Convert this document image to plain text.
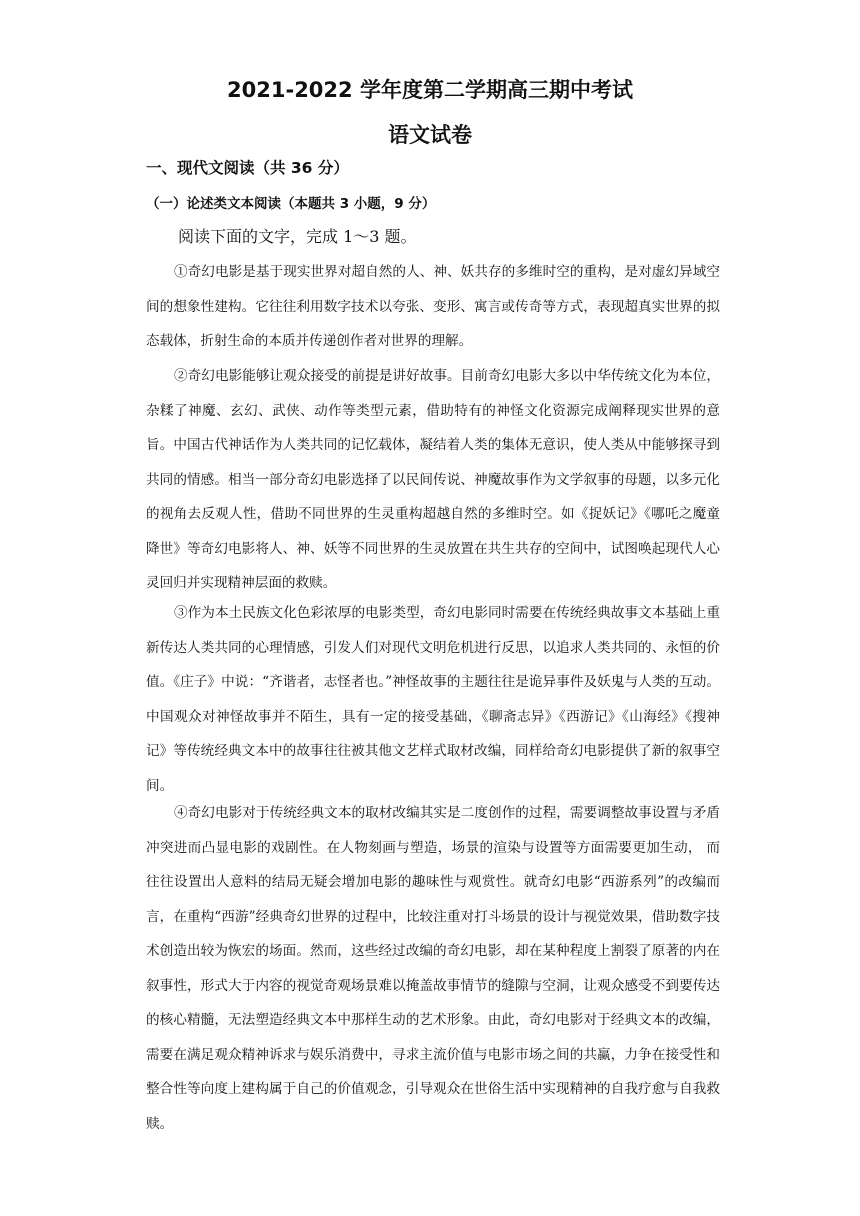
2021-2022 学年度第二学期高三期中考试
语文试卷
一、现代文阅读（共 36 分）
（一）论述类文本阅读（本题共 3 小题，9 分）
阅读下面的文字，完成 1～3 题。

①奇幻电影是基于现实世界对超自然的人、神、妖共存的多维时空的重构，是对虚幻异域空间的想象性建构。它往往利用数字技术以夸张、变形、寓言或传奇等方式，表现超真实世界的拟态载体，折射生命的本质并传递创作者对世界的理解。

②奇幻电影能够让观众接受的前提是讲好故事。目前奇幻电影大多以中华传统文化为本位，杂糅了神魔、玄幻、武侠、动作等类型元素，借助特有的神怪文化资源完成阐释现实世界的意旨。中国古代神话作为人类共同的记忆载体，凝结着人类的集体无意识，使人类从中能够探寻到共同的情感。相当一部分奇幻电影选择了以民间传说、神魔故事作为文学叙事的母题，以多元化的视角去反观人性，借助不同世界的生灵重构超越自然的多维时空。如《捉妖记》《哪吒之魔童降世》等奇幻电影将人、神、妖等不同世界的生灵放置在共生共存的空间中，试图唤起现代人心灵回归并实现精神层面的救赎。

③作为本土民族文化色彩浓厚的电影类型，奇幻电影同时需要在传统经典故事文本基础上重新传达人类共同的心理情感，引发人们对现代文明危机进行反思，以追求人类共同的、永恒的价值。《庄子》中说：“齐谐者，志怪者也。”神怪故事的主题往往是诡异事件及妖鬼与人类的互动。中国观众对神怪故事并不陌生，具有一定的接受基础，《聊斋志异》《西游记》《山海经》《搜神记》等传统经典文本中的故事往往被其他文艺样式取材改编，同样给奇幻电影提供了新的叙事空间。

④奇幻电影对于传统经典文本的取材改编其实是二度创作的过程，需要调整故事设置与矛盾冲突进而凸显电影的戏剧性。在人物刻画与塑造，场景的渲染与设置等方面需要更加生动， 而往往设置出人意料的结局无疑会增加电影的趣味性与观赏性。就奇幻电影“西游系列”的改编而言，在重构“西游”经典奇幻世界的过程中，比较注重对打斗场景的设计与视觉效果，借助数字技术创造出较为恢宏的场面。然而，这些经过改编的奇幻电影，却在某种程度上割裂了原著的内在叙事性，形式大于内容的视觉奇观场景难以掩盖故事情节的缝隙与空洞，让观众感受不到要传达的核心精髓，无法塑造经典文本中那样生动的艺术形象。由此，奇幻电影对于经典文本的改编，需要在满足观众精神诉求与娱乐消费中，寻求主流价值与电影市场之间的共赢，力争在接受性和整合性等向度上建构属于自己的价值观念，引导观众在世俗生活中实现精神的自我疗愈与自我救赎。
